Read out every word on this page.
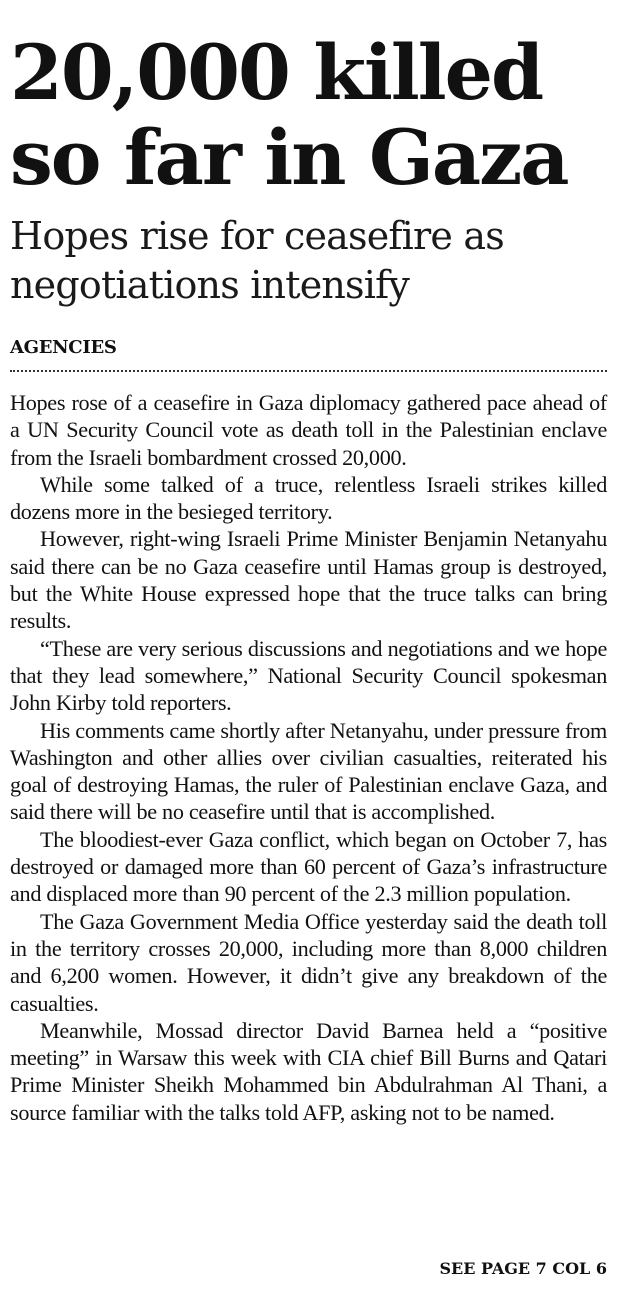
20,000 killed
so far in Gaza
Hopes rise for ceasefire as
negotiations intensify
AGENCIES

Hopes rose of a ceasefire in Gaza diplomacy gathered pace ahead of a UN Security Council vote as death toll in the Palestinian enclave from the Israeli bombardment crossed 20,000.

While some talked of a truce, relentless Israeli strikes killed dozens more in the besieged territory.

However, right-wing Israeli Prime Minister Benjamin Netanyahu said there can be no Gaza ceasefire until Hamas group is destroyed, but the White House expressed hope that the truce talks can bring results.

“These are very serious discussions and negotiations and we hope that they lead somewhere,” National Security Council spokesman John Kirby told reporters.

His comments came shortly after Netanyahu, under pressure from Washington and other allies over civilian casualties, reiterated his goal of destroying Hamas, the ruler of Palestinian enclave Gaza, and said there will be no ceasefire until that is accomplished.

The bloodiest-ever Gaza conflict, which began on October 7, has destroyed or damaged more than 60 percent of Gaza’s infrastructure and displaced more than 90 percent of the 2.3 million population.

The Gaza Government Media Office yesterday said the death toll in the territory crosses 20,000, including more than 8,000 children and 6,200 women. However, it didn’t give any breakdown of the casualties.

Meanwhile, Mossad director David Barnea held a “positive meeting” in Warsaw this week with CIA chief Bill Burns and Qatari Prime Minister Sheikh Mohammed bin Abdulrahman Al Thani, a source familiar with the talks told AFP, asking not to be named.

SEE PAGE 7 COL 6
